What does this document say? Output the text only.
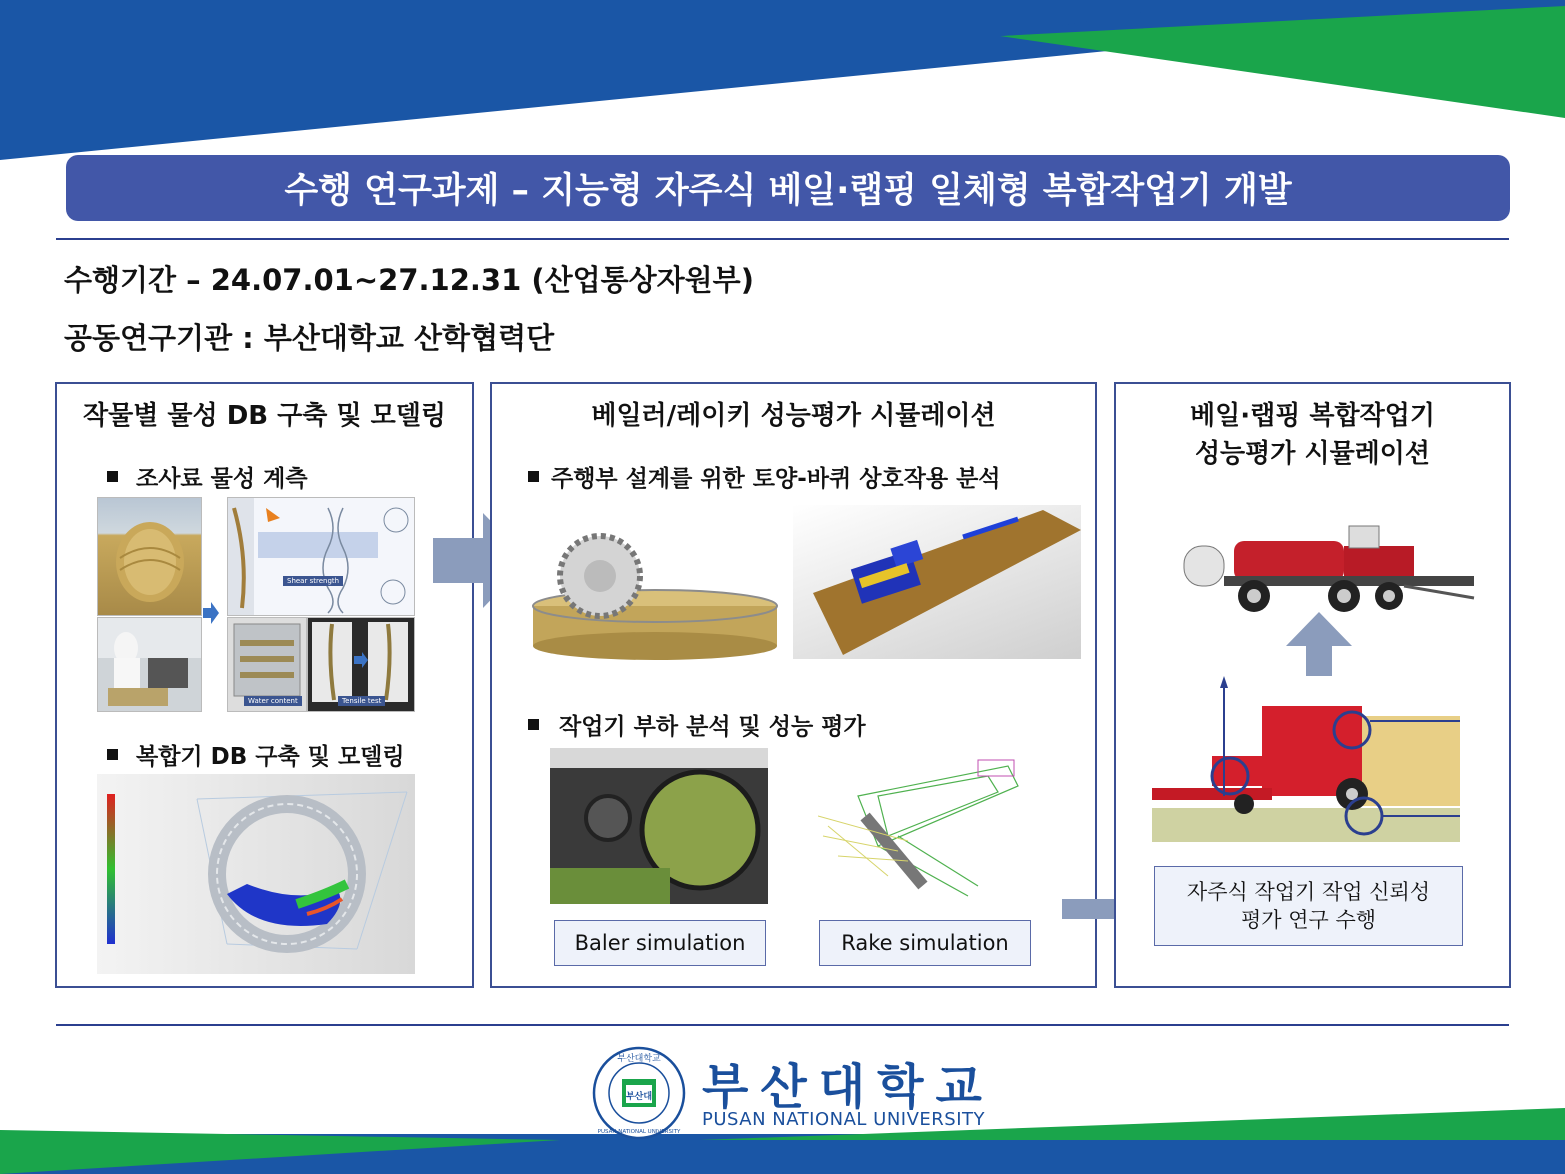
수행 연구과제 – 지능형 자주식 베일·랩핑 일체형 복합작업기 개발
수행기간 – 24.07.01~27.12.31 (산업통상자원부)
공동연구기관 : 부산대학교 산학협력단
작물별 물성 DB 구축 및 모델링
조사료 물성 계측
Shear strength
Water content	Tensile test
복합기 DB 구축 및 모델링
베일러/레이키 성능평가 시뮬레이션
주행부 설계를 위한 토양-바퀴 상호작용 분석
작업기 부하 분석 및 성능 평가
Baler simulation	Rake simulation
베일·랩핑 복합작업기
성능평가 시뮬레이션
자주식 작업기 작업 신뢰성
평가 연구 수행
부산대
부산대학교
PUSAN NATIONAL UNIVERSITY
부산대학교
PUSAN NATIONAL UNIVERSITY
